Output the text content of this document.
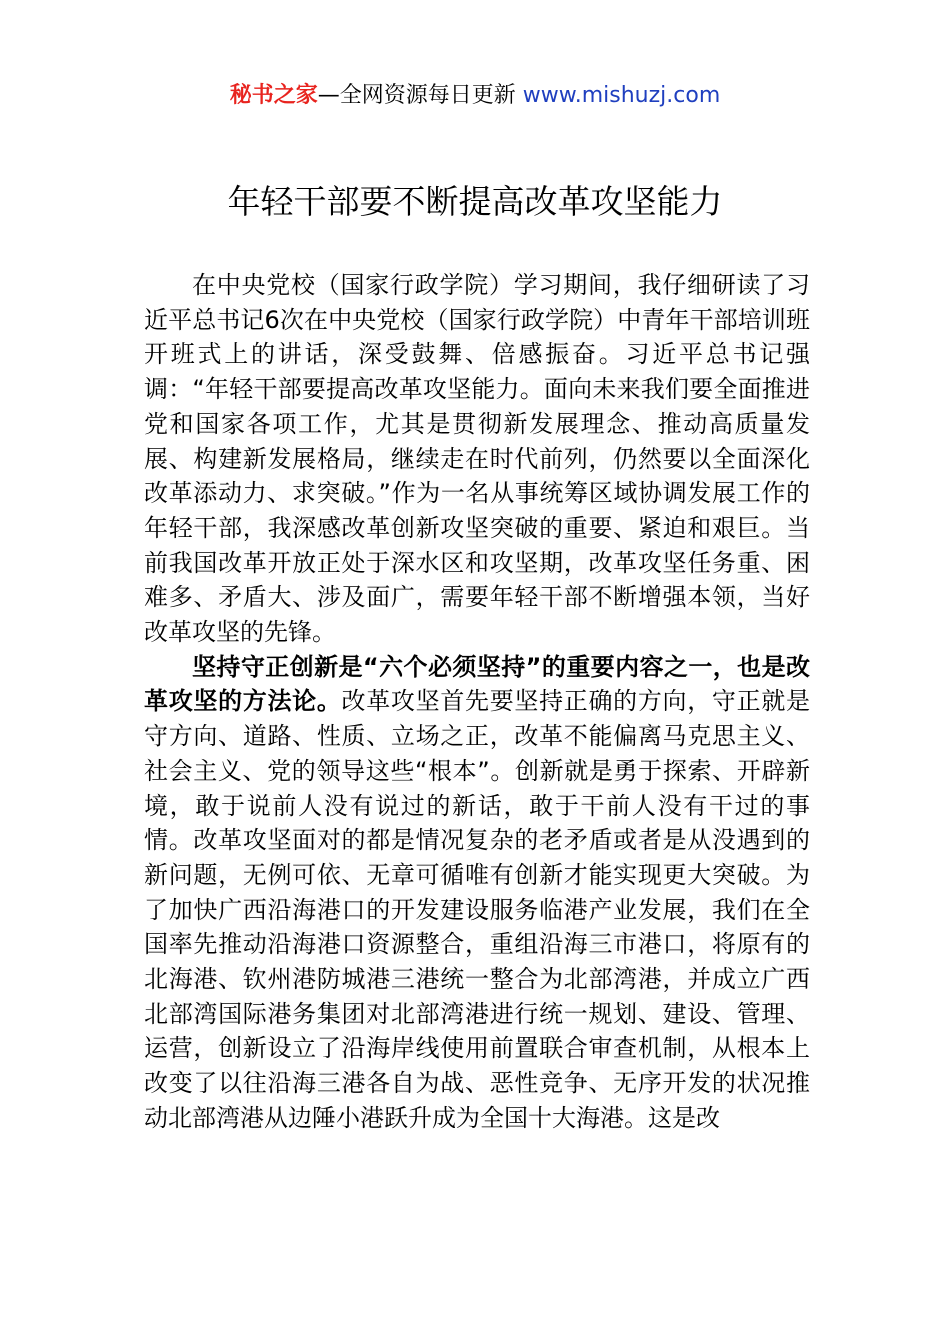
秘书之家—全网资源每日更新 www.mishuzj.com
年轻干部要不断提高改革攻坚能力

在中央党校（国家行政学院）学习期间，我仔细研读了习近平总书记6次在中央党校（国家行政学院）中青年干部培训班开班式上的讲话，深受鼓舞、倍感振奋。习近平总书记强调：“年轻干部要提高改革攻坚能力。面向未来我们要全面推进党和国家各项工作，尤其是贯彻新发展理念、推动高质量发展、构建新发展格局，继续走在时代前列，仍然要以全面深化改革添动力、求突破。”作为一名从事统筹区域协调发展工作的年轻干部，我深感改革创新攻坚突破的重要、紧迫和艰巨。当前我国改革开放正处于深水区和攻坚期，改革攻坚任务重、困难多、矛盾大、涉及面广，需要年轻干部不断增强本领，当好改革攻坚的先锋。

坚持守正创新是“六个必须坚持”的重要内容之一，也是改革攻坚的方法论。改革攻坚首先要坚持正确的方向，守正就是守方向、道路、性质、立场之正，改革不能偏离马克思主义、社会主义、党的领导这些“根本”。创新就是勇于探索、开辟新境，敢于说前人没有说过的新话，敢于干前人没有干过的事情。改革攻坚面对的都是情况复杂的老矛盾或者是从没遇到的新问题，无例可依、无章可循唯有创新才能实现更大突破。为了加快广西沿海港口的开发建设服务临港产业发展，我们在全国率先推动沿海港口资源整合，重组沿海三市港口，将原有的北海港、钦州港防城港三港统一整合为北部湾港，并成立广西北部湾国际港务集团对北部湾港进行统一规划、建设、管理、运营，创新设立了沿海岸线使用前置联合审查机制，从根本上改变了以往沿海三港各自为战、恶性竞争、无序开发的状况推动北部湾港从边陲小港跃升成为全国十大海港。这是改
